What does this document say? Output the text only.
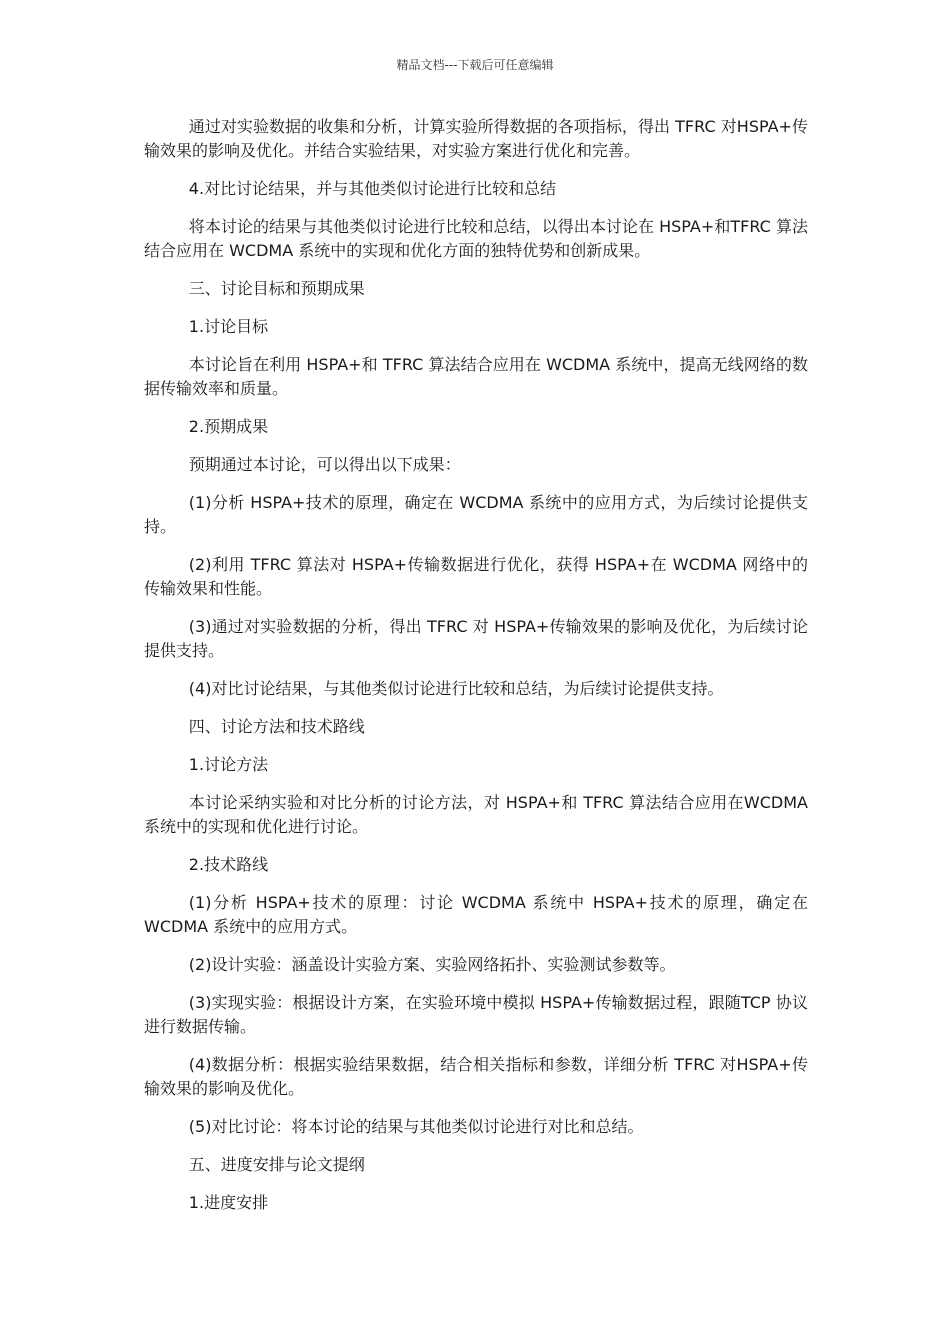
精品文档---下载后可任意编辑

通过对实验数据的收集和分析，计算实验所得数据的各项指标，得出 TFRC 对HSPA+传输效果的影响及优化。并结合实验结果，对实验方案进行优化和完善。

4.对比讨论结果，并与其他类似讨论进行比较和总结

将本讨论的结果与其他类似讨论进行比较和总结，以得出本讨论在 HSPA+和TFRC 算法结合应用在 WCDMA 系统中的实现和优化方面的独特优势和创新成果。

三、讨论目标和预期成果

1.讨论目标

本讨论旨在利用 HSPA+和 TFRC 算法结合应用在 WCDMA 系统中，提高无线网络的数据传输效率和质量。

2.预期成果

预期通过本讨论，可以得出以下成果：

(1)分析 HSPA+技术的原理，确定在 WCDMA 系统中的应用方式，为后续讨论提供支持。

(2)利用 TFRC 算法对 HSPA+传输数据进行优化，获得 HSPA+在 WCDMA 网络中的传输效果和性能。

(3)通过对实验数据的分析，得出 TFRC 对 HSPA+传输效果的影响及优化，为后续讨论提供支持。

(4)对比讨论结果，与其他类似讨论进行比较和总结，为后续讨论提供支持。

四、讨论方法和技术路线

1.讨论方法

本讨论采纳实验和对比分析的讨论方法，对 HSPA+和 TFRC 算法结合应用在WCDMA 系统中的实现和优化进行讨论。

2.技术路线

(1)分析 HSPA+技术的原理：讨论 WCDMA 系统中 HSPA+技术的原理，确定在 WCDMA 系统中的应用方式。

(2)设计实验：涵盖设计实验方案、实验网络拓扑、实验测试参数等。

(3)实现实验：根据设计方案，在实验环境中模拟 HSPA+传输数据过程，跟随TCP 协议进行数据传输。

(4)数据分析：根据实验结果数据，结合相关指标和参数，详细分析 TFRC 对HSPA+传输效果的影响及优化。

(5)对比讨论：将本讨论的结果与其他类似讨论进行对比和总结。

五、进度安排与论文提纲

1.进度安排
